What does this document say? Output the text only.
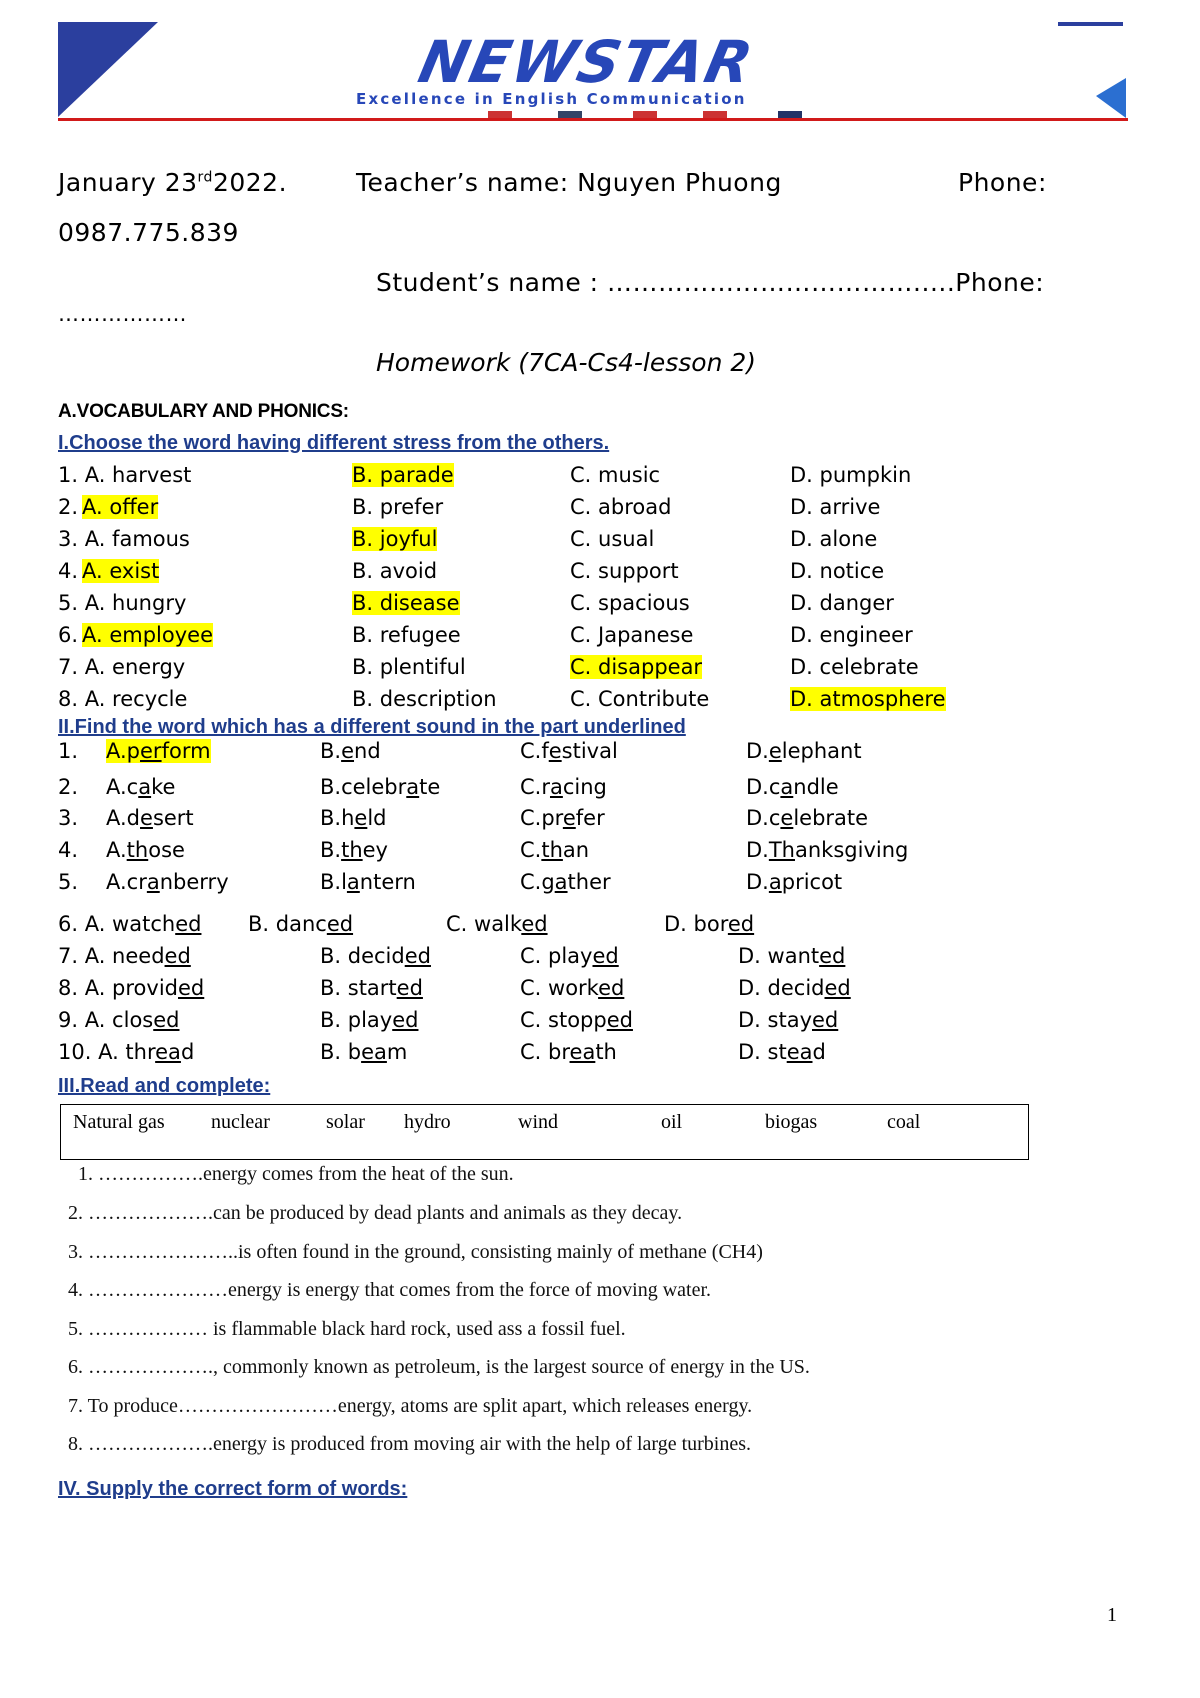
NEWSTAR
Excellence in English Communication
January 23rd2022.	Teacher’s name: Nguyen Phuong	Phone:
0987.775.839
Student’s name : ……………………………….....Phone:
………………
Homework (7CA-Cs4-lesson 2)
A.VOCABULARY AND PHONICS:
I.Choose the word having different stress from the others.
1. A. harvest	B. parade	C. music	D. pumpkin
2. A. offer	B. prefer	C. abroad	D. arrive
3. A. famous	B. joyful	C. usual	D. alone
4. A. exist	B. avoid	C. support	D. notice
5. A. hungry	B. disease	C. spacious	D. danger
6. A. employee	B. refugee	C. Japanese	D. engineer
7. A. energy	B. plentiful	C. disappear	D. celebrate
8. A. recycle	B. description	C. Contribute	D. atmosphere
II.Find the word which has a different sound in the part underlined
1. A.perform	B.end	C.festival	D.elephant
2. A.cake	B.celebrate	C.racing	D.candle
3. A.desert	B.held	C.prefer	D.celebrate
4. A.those	B.they	C.than	D.Thanksgiving
5. A.cranberry	B.lantern	C.gather	D.apricot
6. A. watched B. danced	C. walked	D. bored
7. A. needed	B. decided	C. played	D. wanted
8. A. provided	B. started	C. worked	D. decided
9. A. closed	B. played	C. stopped	D. stayed
10. A. thread	B. beam	C. breath	D. stead
III.Read and complete:
Natural gas nuclear	solar hydro	wind	oil	biogas	coal
1. …………….energy comes from the heat of the sun.
2. ……………….can be produced by dead plants and animals as they decay.
3. …………………..is often found in the ground, consisting mainly of methane (CH4)
4. …………………energy is energy that comes from the force of moving water.
5. ……………… is flammable black hard rock, used ass a fossil fuel.
6. ………………., commonly known as petroleum, is the largest source of energy in the US.
7. To produce……………………energy, atoms are split apart, which releases energy.
8. ……………….energy is produced from moving air with the help of large turbines.
IV. Supply the correct form of words:
1
